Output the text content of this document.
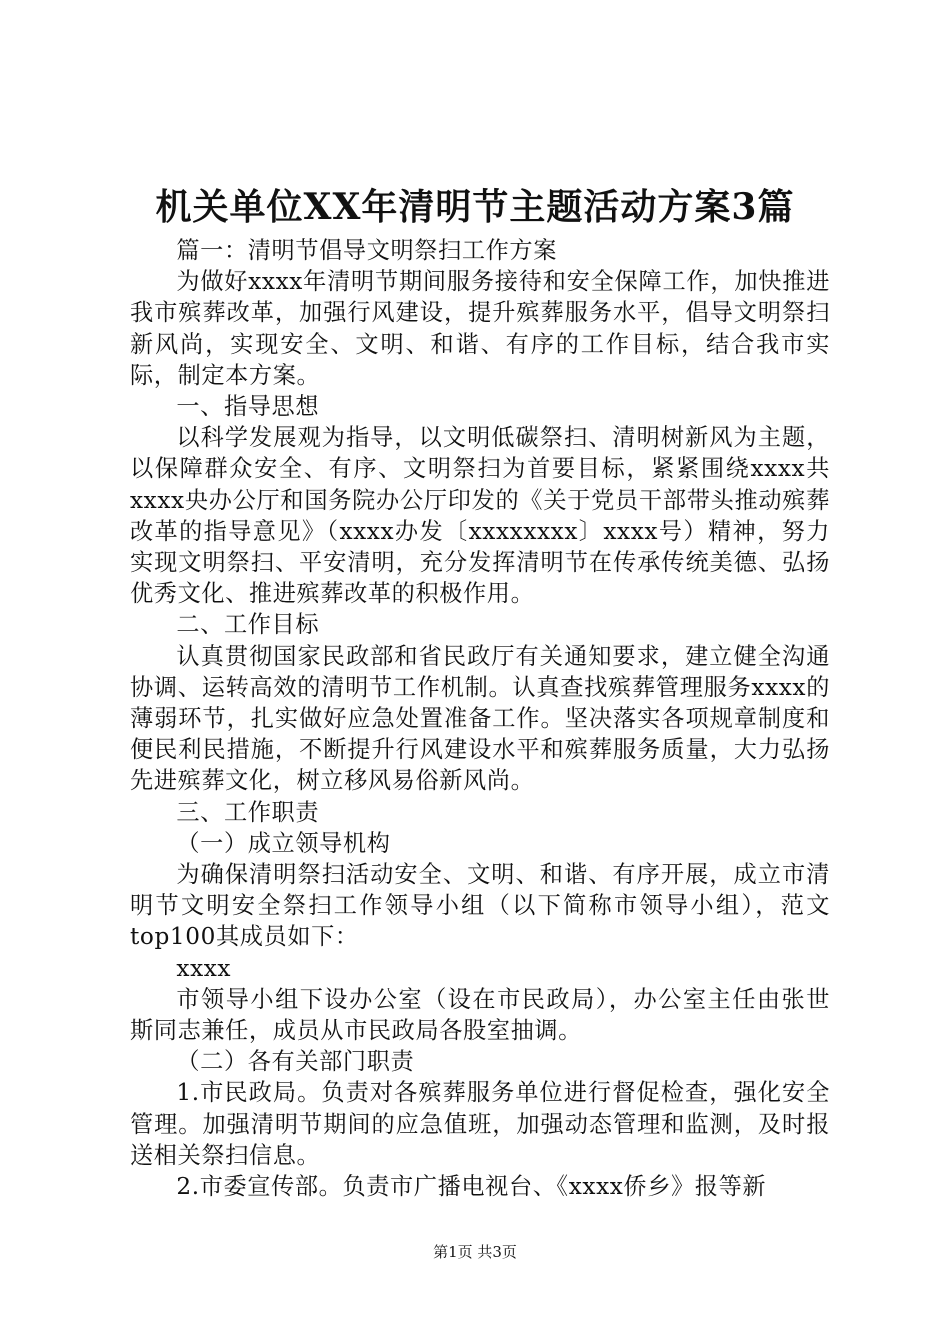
机关单位XX年清明节主题活动方案3篇

篇一：清明节倡导文明祭扫工作方案

为做好xxxx年清明节期间服务接待和安全保障工作，加快推进我市殡葬改革，加强行风建设，提升殡葬服务水平，倡导文明祭扫新风尚，实现安全、文明、和谐、有序的工作目标，结合我市实际，制定本方案。

一、指导思想

以科学发展观为指导，以文明低碳祭扫、清明树新风为主题，以保障群众安全、有序、文明祭扫为首要目标，紧紧围绕xxxx共xxxx央办公厅和国务院办公厅印发的《关于党员干部带头推动殡葬改革的指导意见》（xxxx办发〔xxxxxxxx〕xxxx号）精神，努力实现文明祭扫、平安清明，充分发挥清明节在传承传统美德、弘扬优秀文化、推进殡葬改革的积极作用。

二、工作目标

认真贯彻国家民政部和省民政厅有关通知要求，建立健全沟通协调、运转高效的清明节工作机制。认真查找殡葬管理服务xxxx的薄弱环节，扎实做好应急处置准备工作。坚决落实各项规章制度和便民利民措施，不断提升行风建设水平和殡葬服务质量，大力弘扬先进殡葬文化，树立移风易俗新风尚。

三、工作职责

（一）成立领导机构

为确保清明祭扫活动安全、文明、和谐、有序开展，成立市清明节文明安全祭扫工作领导小组（以下简称市领导小组），范文top100其成员如下：

xxxx

市领导小组下设办公室（设在市民政局），办公室主任由张世斯同志兼任，成员从市民政局各股室抽调。

（二）各有关部门职责

1.市民政局。负责对各殡葬服务单位进行督促检查，强化安全管理。加强清明节期间的应急值班，加强动态管理和监测，及时报送相关祭扫信息。

2.市委宣传部。负责市广播电视台、《xxxx侨乡》报等新

第1页 共3页
